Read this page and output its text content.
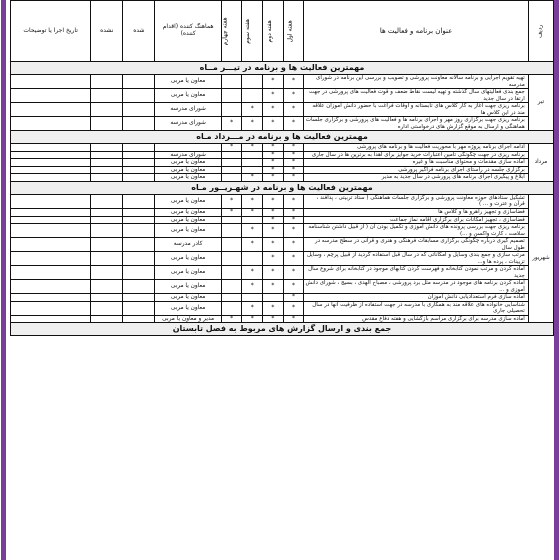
ردیف	عنوان برنامه و فعالیت ها	هفته اول	هفته دوم	هفته سوم	هفته چهارم	هماهنگ کننده (اقدام کننده)	شده	نشده	تاریخ اجرا یا توضیحات
مهمترین فعالیت ها و برنامه در تیـــر مــاه									
تیر	تهیه تقویم اجرایی و برنامه سالانه معاونت پرورشی و تصویب و بررسی این برنامه در شورای مدرسه	*	*			معاون یا مربی			
	جمع بندی فعالیتهای سال گذشته و تهیه لیست نقاط ضعف و قوت فعالیت های پرورشی در جهت ارتقا در سال جدید	*	*			معاون یا مربی			
	برنامه ریزی جهت آغاز به کار کلاس های تابستانه و اوقات فراغت با حضور دانش آموزان علاقه مند در این کلاس ها	*	*	*		شورای مدرسه			
	برنامه ریزی جهت برگزاری روز مهر و اجرای برنامه ها و فعالیت های پرورشی و برگزاری جلسات هماهنگی و ارسال به موقع گزارش های درخواستی اداره	*	*	*	*	شورای مدرسه			
مهمترین فعالیت ها و برنامه در مـــرداد مـاه									
مرداد	ادامه اجرای برنامه پروژه مهر با محوریت فعالیت ها و برنامه های پرورشی	*	*	*	*				
	برنامه ریزی در جهت چگونگی تامین اعتبارات خرید جوایز برای اهدا به برترین ها در سال جاری	*	*			شورای مدرسه			
	آماده سازی مقدمات و محتوای مناسبت ها و غیره	*	*			معاون یا مربی			
	برگزاری جلسه در راستای اجرای برنامه فراگیر پرورشی	*	*			معاون یا مربی			
	ابلاغ و پیگیری اجرای برنامه های پرورشی در سال جدید به مدیر	*	*	*		معاون یا مربی			
مهمترین فعالیت ها و برنامه در شهـریــور مـاه									
شهریور	تشکیل ستادهای حوزه معاونت پرورشی و برگزاری جلسات هماهنگی ( ستاد تربیتی ، پدافند ، قرآن و عترت و ... )	*	*	*	*	معاون یا مربی			
	فضاسازی و تجهیز راهرو ها و کلاس ها	*	*	*	*	معاون یا مربی			
	فضاسازی ، تجهیز امکانات برای برگزاری اقامه نماز جماعت	*	*			معاون یا مربی			
	برنامه ریزی جهت بررسی پرونده های دانش آموزی و تکمیل بودن آن ( از قبیل داشتن شناسنامه سلامت ، کارت واکسن و ...)	*	*	*		معاون یا مربی			
	تصمیم گیری درباره چگونگی برگزاری مسابقات فرهنگی و هنری و قرآنی در سطح مدرسه در طول سال	*	*	*		کادر مدرسه			
	مرتب سازی و جمع بندی وسایل و امکاناتی که در سال قبل استفاده گردید از قبیل پرچم ، وسایل تزیینات ، پرده ها و...	*	*			معاون یا مربی			
	آماده کردن و مرتب نمودن کتابخانه و فهرست کردن کتابهای موجود در کتابخانه برای شروع سال جدید	*	*	*		معاون یا مربی			
	آماده کردن برنامه های موجود در مدرسه مثل برد پرورشی ، مصباح الهدی ، بسیج ، شورای دانش آموزی و ...	*	*	*		معاون یا مربی			
	آماده سازی فرم استعدادیابی دانش آموزان	*				معاون یا مربی			
	شناسایی خانواده های علاقه مند به همکاری با مدرسه در جهت استفاده از ظرفیت آنها در سال تحصیلی جاری	*	*	*		معاون یا مربی			
	آماده سازی مدرسه برای برگزاری مراسم بازگشایی و هفته دفاع مقدس	*	*	*	*	مدیر و معاون یا مربی			
جمع بندی و ارسال گزارش های مربوط به فصل تابستان									
